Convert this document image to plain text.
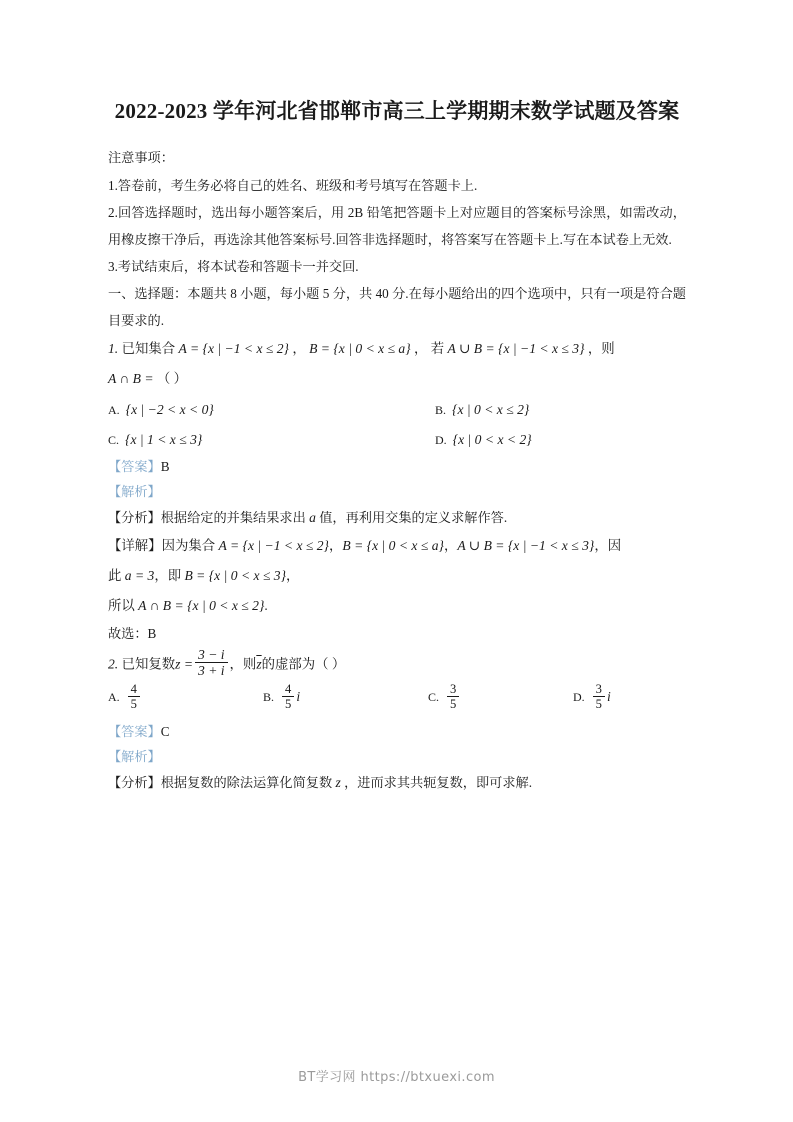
2022-2023 学年河北省邯郸市高三上学期期末数学试题及答案

注意事项：

1.答卷前，考生务必将自己的姓名、班级和考号填写在答题卡上.

2.回答选择题时，选出每小题答案后，用 2B 铅笔把答题卡上对应题目的答案标号涂黑，如需改动，用橡皮擦干净后，再选涂其他答案标号.回答非选择题时，将答案写在答题卡上.写在本试卷上无效.

3.考试结束后，将本试卷和答题卡一并交回.

一、选择题：本题共 8 小题，每小题 5 分，共 40 分.在每小题给出的四个选项中，只有一项是符合题目要求的.

1. 已知集合 A = {x | −1 < x ≤ 2} ， B = {x | 0 < x ≤ a} ， 若 A ∪ B = {x | −1 < x ≤ 3} ，则

A ∩ B = （ ）

A. {x | −2 < x < 0}	B. {x | 0 < x ≤ 2}
C. {x | 1 < x ≤ 3}	D. {x | 0 < x < 2}

【答案】B

【解析】

【分析】根据给定的并集结果求出 a 值，再利用交集的定义求解作答.

【详解】因为集合 A = {x | −1 < x ≤ 2}，B = {x | 0 < x ≤ a}，A ∪ B = {x | −1 < x ≤ 3}，因

此 a = 3，即 B = {x | 0 < x ≤ 3}，

所以 A ∩ B = {x | 0 < x ≤ 2}.

故选：B

2. 已知复数$z = \frac{3 - i}{3 + i}$ ，则$\overline{z}$的虚部为（ ）

A. $\frac{4}{5}$	B. $\frac{4}{5}$ i	C. $\frac{3}{5}$	D. $\frac{3}{5}$ i

【答案】C

【解析】

【分析】根据复数的除法运算化简复数 z ，进而求其共轭复数，即可求解.

BT学习网 https://btxuexi.com
